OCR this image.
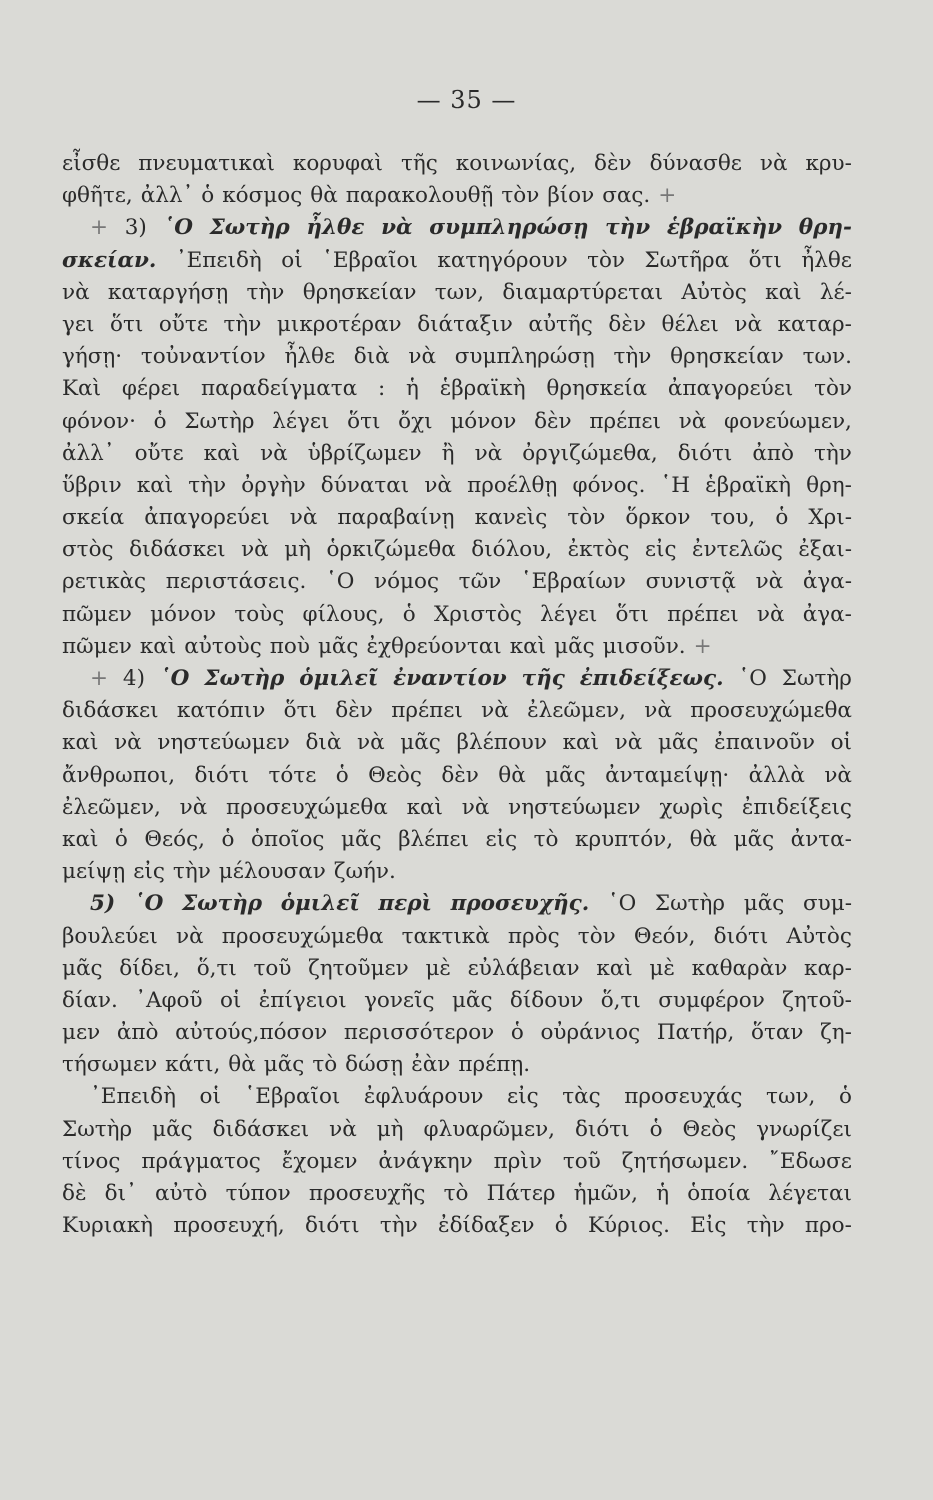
— 35 —
εἶσθε πνευματικαὶ κορυφαὶ τῆς κοινωνίας, δὲν δύνασθε νὰ κρυ-
φθῆτε, ἀλλ᾽ ὁ κόσμος θὰ παρακολουθῇ τὸν βίον σας. +
+ 3) ῾Ο Σωτὴρ ἦλθε νὰ συμπληρώσῃ τὴν ἑβραϊκὴν θρη-
σκείαν. ᾽Επειδὴ οἱ ῾Εβραῖοι κατηγόρουν τὸν Σωτῆρα ὅτι ἦλθε
νὰ καταργήσῃ τὴν θρησκείαν των, διαμαρτύρεται Αὐτὸς καὶ λέ-
γει ὅτι οὔτε τὴν μικροτέραν διάταξιν αὐτῆς δὲν θέλει νὰ καταρ-
γήσῃ· τοὐναντίον ἦλθε διὰ νὰ συμπληρώσῃ τὴν θρησκείαν των.
Καὶ φέρει παραδείγματα : ἡ ἑβραϊκὴ θρησκεία ἀπαγορεύει τὸν
φόνον· ὁ Σωτὴρ λέγει ὅτι ὄχι μόνον δὲν πρέπει νὰ φονεύωμεν,
ἀλλ᾽ οὔτε καὶ νὰ ὑβρίζωμεν ἢ νὰ ὀργιζώμεθα, διότι ἀπὸ τὴν
ὕβριν καὶ τὴν ὀργὴν δύναται νὰ προέλθῃ φόνος. ῾Η ἑβραϊκὴ θρη-
σκεία ἀπαγορεύει νὰ παραβαίνῃ κανεὶς τὸν ὅρκον του, ὁ Χρι-
στὸς διδάσκει νὰ μὴ ὁρκιζώμεθα διόλου, ἐκτὸς εἰς ἐντελῶς ἐξαι-
ρετικὰς περιστάσεις. ῾Ο νόμος τῶν ῾Εβραίων συνιστᾷ νὰ ἀγα-
πῶμεν μόνον τοὺς φίλους, ὁ Χριστὸς λέγει ὅτι πρέπει νὰ ἀγα-
πῶμεν καὶ αὐτοὺς ποὺ μᾶς ἐχθρεύονται καὶ μᾶς μισοῦν. +
+ 4) ῾Ο Σωτὴρ ὁμιλεῖ ἐναντίον τῆς ἐπιδείξεως. ῾Ο Σωτὴρ
διδάσκει κατόπιν ὅτι δὲν πρέπει νὰ ἐλεῶμεν, νὰ προσευχώμεθα
καὶ νὰ νηστεύωμεν διὰ νὰ μᾶς βλέπουν καὶ νὰ μᾶς ἐπαινοῦν οἱ
ἄνθρωποι, διότι τότε ὁ Θεὸς δὲν θὰ μᾶς ἀνταμείψῃ· ἀλλὰ νὰ
ἐλεῶμεν, νὰ προσευχώμεθα καὶ νὰ νηστεύωμεν χωρὶς ἐπιδείξεις
καὶ ὁ Θεός, ὁ ὁποῖος μᾶς βλέπει εἰς τὸ κρυπτόν, θὰ μᾶς ἀντα-
μείψῃ εἰς τὴν μέλουσαν ζωήν.
5) ῾Ο Σωτὴρ ὁμιλεῖ περὶ προσευχῆς. ῾Ο Σωτὴρ μᾶς συμ-
βουλεύει νὰ προσευχώμεθα τακτικὰ πρὸς τὸν Θεόν, διότι Αὐτὸς
μᾶς δίδει, ὅ,τι τοῦ ζητοῦμεν μὲ εὐλάβειαν καὶ μὲ καθαρὰν καρ-
δίαν. ᾽Αφοῦ οἱ ἐπίγειοι γονεῖς μᾶς δίδουν ὅ,τι συμφέρον ζητοῦ-
μεν ἀπὸ αὐτούς,πόσον περισσότερον ὁ οὐράνιος Πατήρ, ὅταν ζη-
τήσωμεν κάτι, θὰ μᾶς τὸ δώσῃ ἐὰν πρέπῃ.
᾽Επειδὴ οἱ ῾Εβραῖοι ἐφλυάρουν εἰς τὰς προσευχάς των, ὁ
Σωτὴρ μᾶς διδάσκει νὰ μὴ φλυαρῶμεν, διότι ὁ Θεὸς γνωρίζει
τίνος πράγματος ἔχομεν ἀνάγκην πρὶν τοῦ ζητήσωμεν. ῎Εδωσε
δὲ δι᾽ αὐτὸ τύπον προσευχῆς τὸ Πάτερ ἡμῶν, ἡ ὁποία λέγεται
Κυριακὴ προσευχή, διότι τὴν ἐδίδαξεν ὁ Κύριος. Εἰς τὴν προ-
